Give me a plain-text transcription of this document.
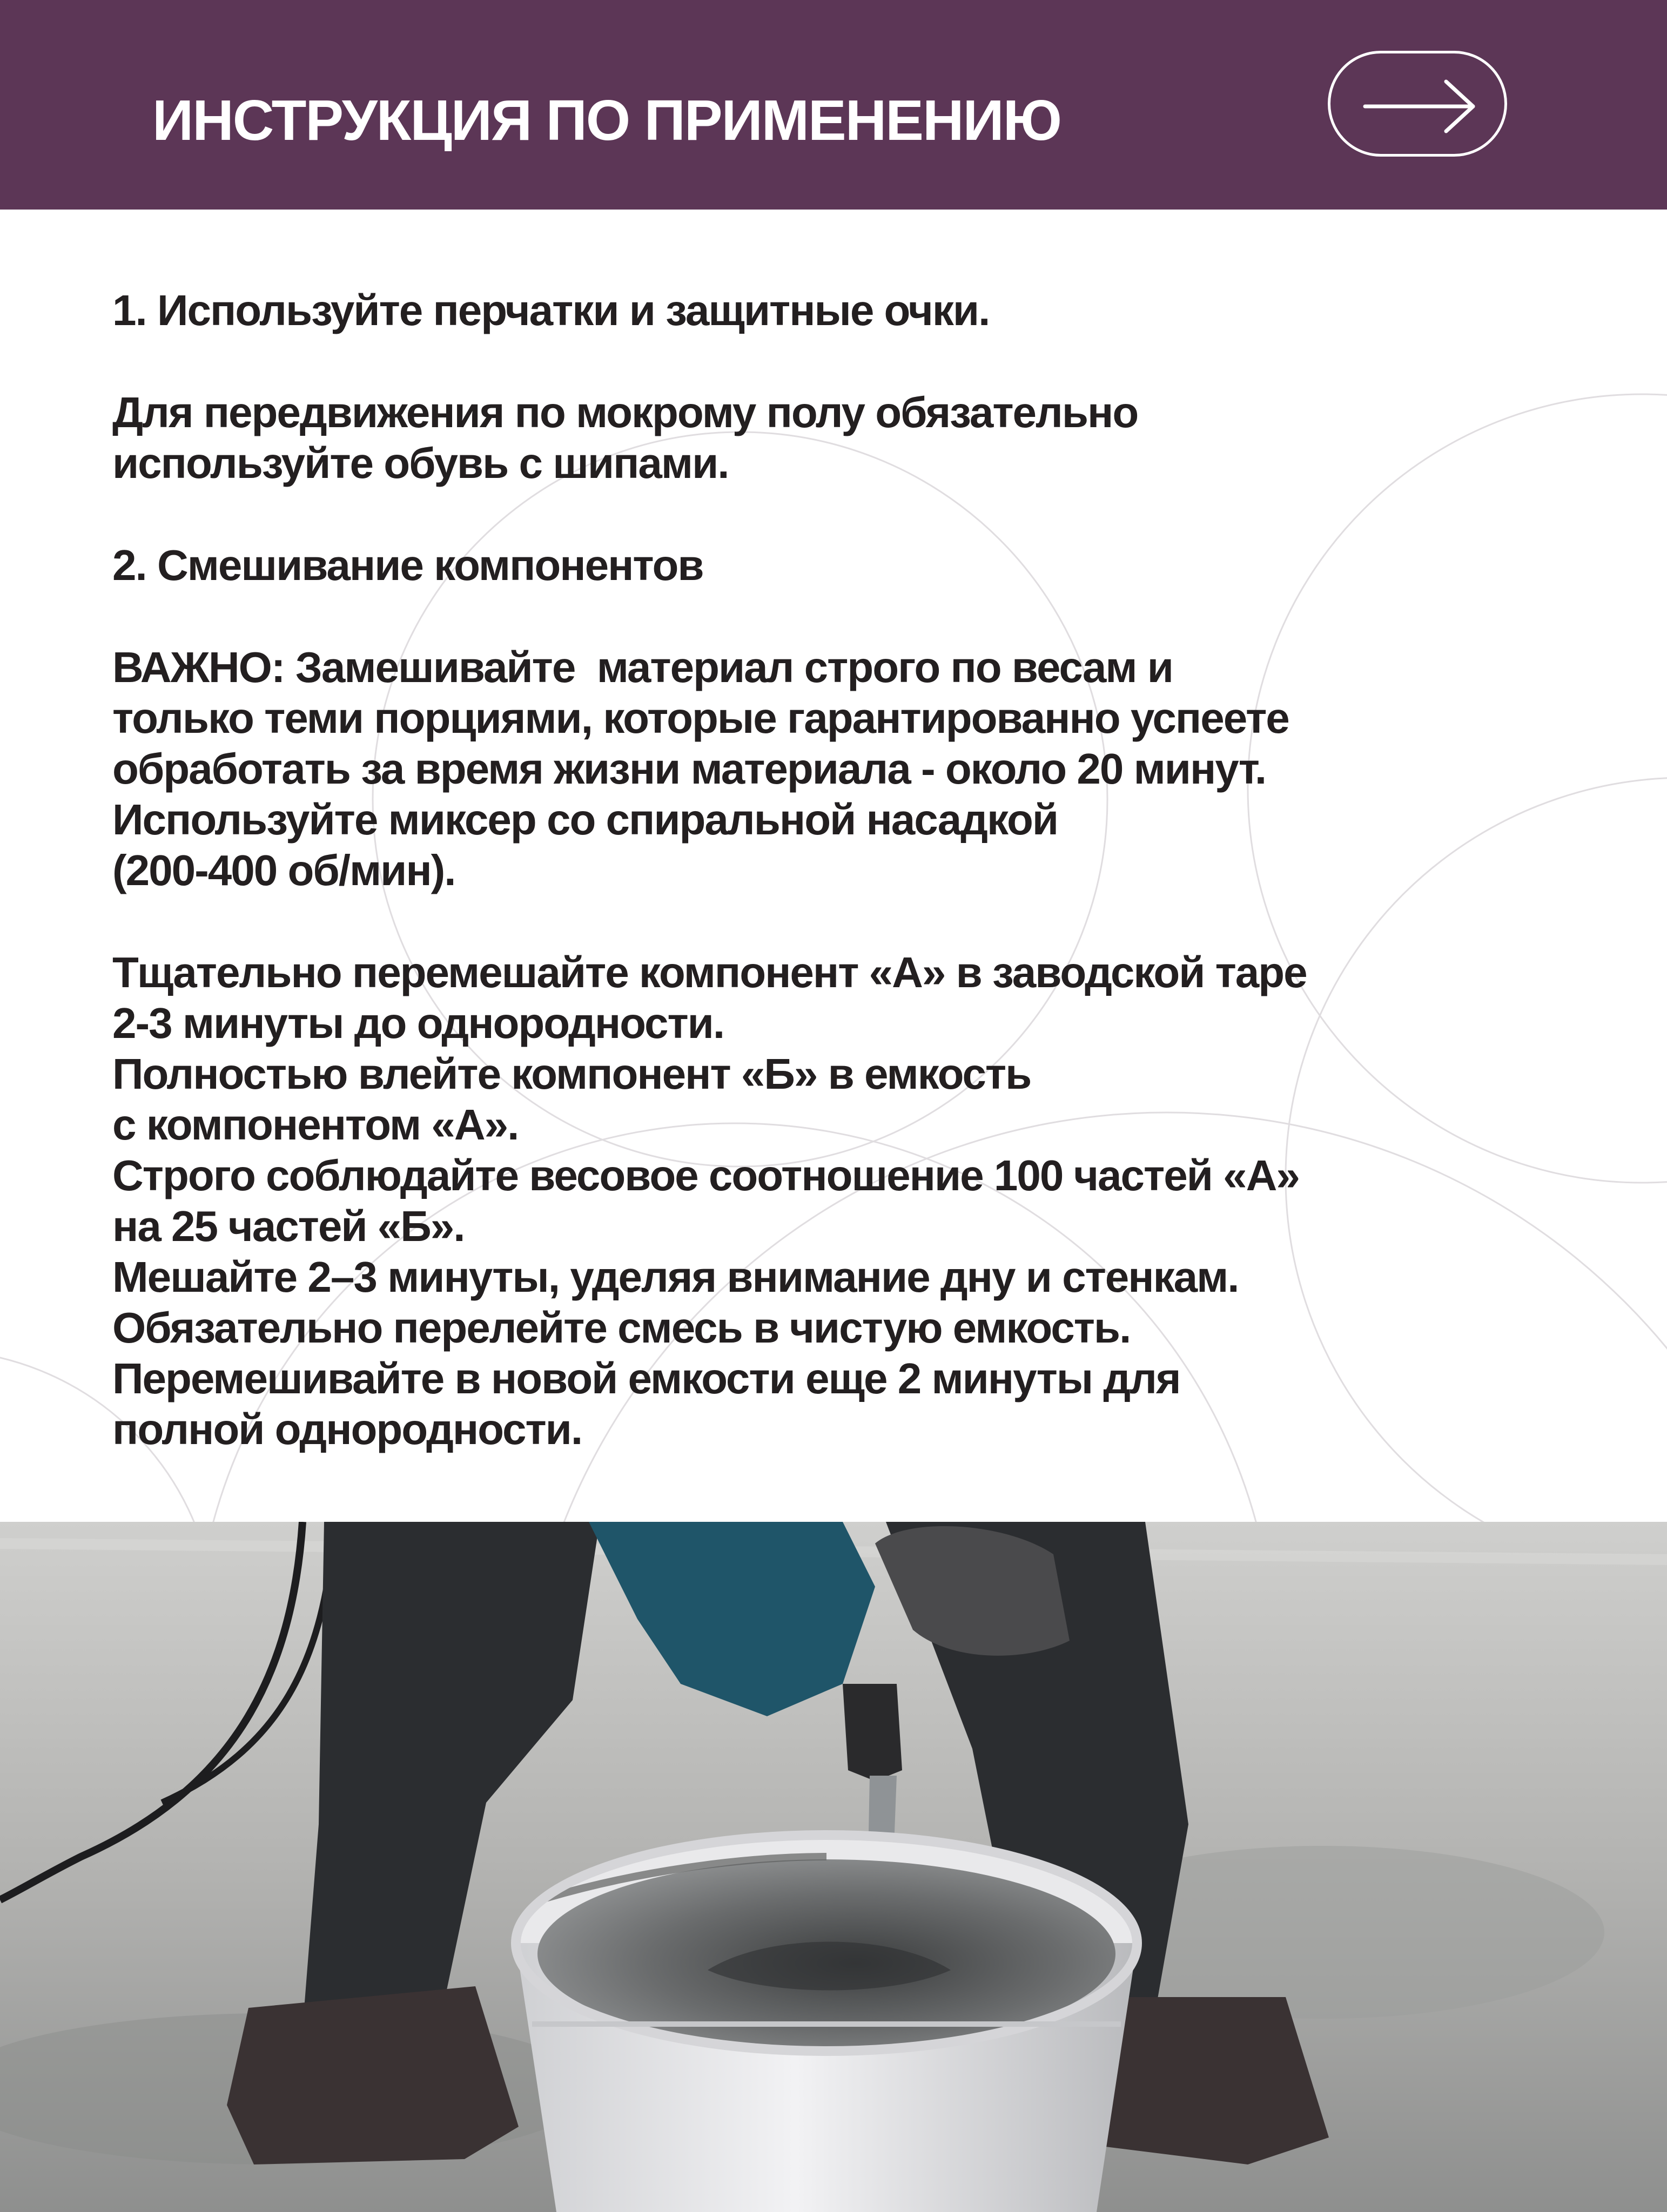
ИНСТРУКЦИЯ ПО ПРИМЕНЕНИЮ

1. Используйте перчатки и защитные очки.

Для передвижения по мокрому полу обязательно

используйте обувь с шипами.

2. Смешивание компонентов

ВАЖНО: Замешивайте  материал строго по весам и

только теми порциями, которые гарантированно успеете

обработать за время жизни материала - около 20 минут.

Используйте миксер со спиральной насадкой

(200-400 об/мин).

Тщательно перемешайте компонент «А» в заводской таре

2-3 минуты до однородности.

Полностью влейте компонент «Б» в емкость

с компонентом «А».

Строго соблюдайте весовое соотношение 100 частей «А»

на 25 частей «Б».

Мешайте 2–3 минуты, уделяя внимание дну и стенкам.

Обязательно перелейте смесь в чистую емкость.

Перемешивайте в новой емкости еще 2 минуты для

полной однородности.
